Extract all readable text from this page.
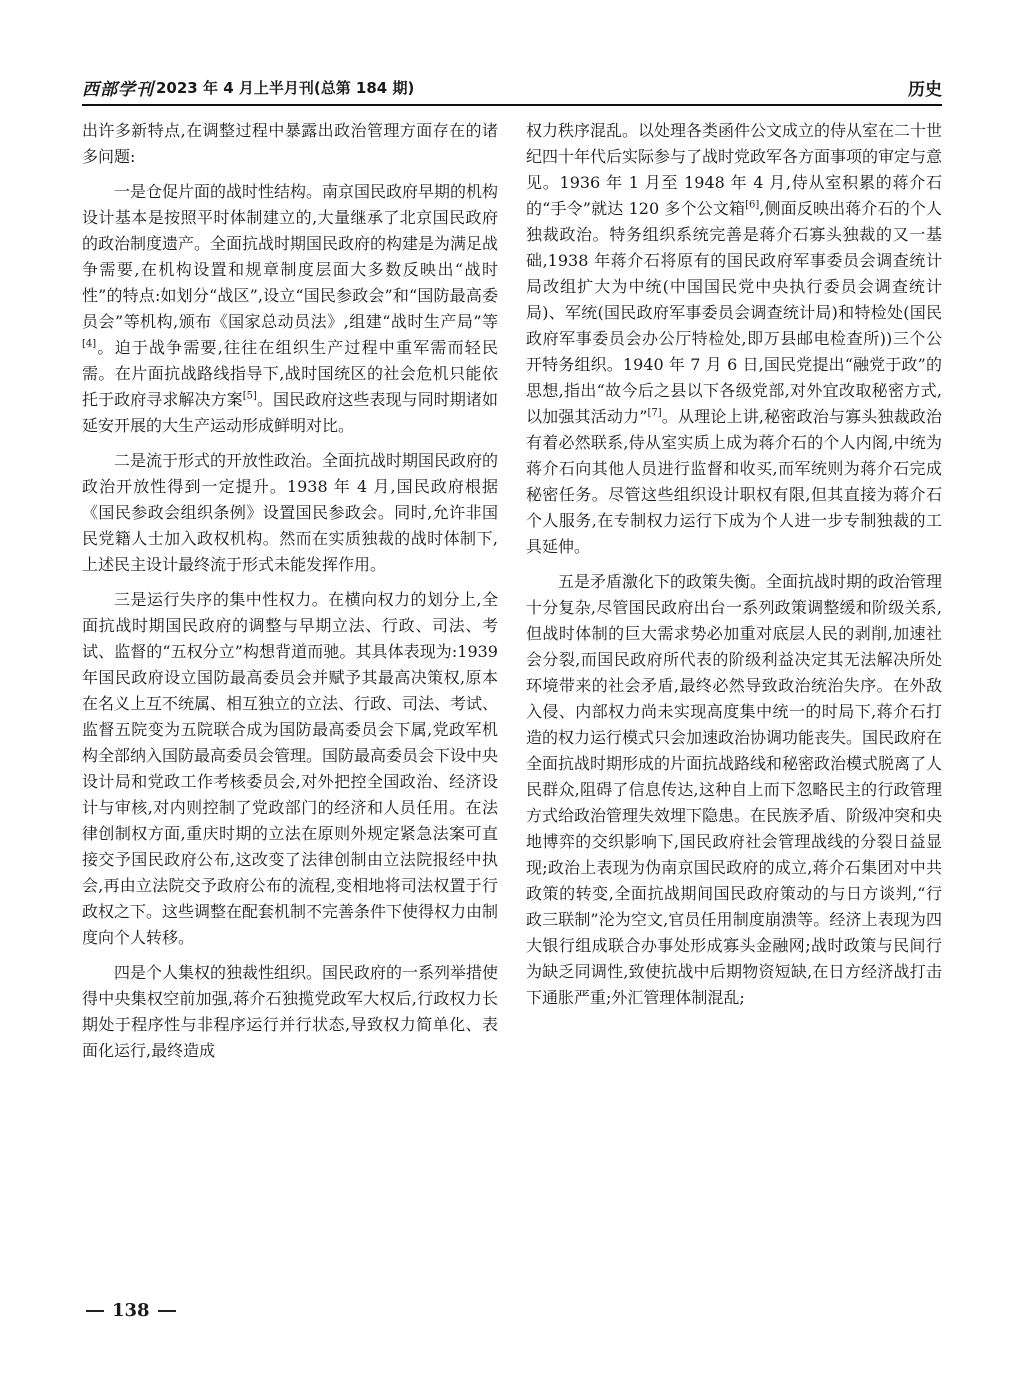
西部学刊 2023 年 4 月上半月刊(总第 184 期)	历史

出许多新特点,在调整过程中暴露出政治管理方面存在的诸多问题:

一是仓促片面的战时性结构。南京国民政府早期的机构设计基本是按照平时体制建立的,大量继承了北京国民政府的政治制度遗产。全面抗战时期国民政府的构建是为满足战争需要,在机构设置和规章制度层面大多数反映出“战时性”的特点:如划分“战区”,设立“国民参政会”和“国防最高委员会”等机构,颁布《国家总动员法》,组建“战时生产局”等[4]。迫于战争需要,往往在组织生产过程中重军需而轻民需。在片面抗战路线指导下,战时国统区的社会危机只能依托于政府寻求解决方案[5]。国民政府这些表现与同时期诸如延安开展的大生产运动形成鲜明对比。

二是流于形式的开放性政治。全面抗战时期国民政府的政治开放性得到一定提升。1938 年 4 月,国民政府根据《国民参政会组织条例》设置国民参政会。同时,允许非国民党籍人士加入政权机构。然而在实质独裁的战时体制下,上述民主设计最终流于形式未能发挥作用。

三是运行失序的集中性权力。在横向权力的划分上,全面抗战时期国民政府的调整与早期立法、行政、司法、考试、监督的“五权分立”构想背道而驰。其具体表现为:1939 年国民政府设立国防最高委员会并赋予其最高决策权,原本在名义上互不统属、相互独立的立法、行政、司法、考试、监督五院变为五院联合成为国防最高委员会下属,党政军机构全部纳入国防最高委员会管理。国防最高委员会下设中央设计局和党政工作考核委员会,对外把控全国政治、经济设计与审核,对内则控制了党政部门的经济和人员任用。在法律创制权方面,重庆时期的立法在原则外规定紧急法案可直接交予国民政府公布,这改变了法律创制由立法院报经中执会,再由立法院交予政府公布的流程,变相地将司法权置于行政权之下。这些调整在配套机制不完善条件下使得权力由制度向个人转移。

四是个人集权的独裁性组织。国民政府的一系列举措使得中央集权空前加强,蒋介石独揽党政军大权后,行政权力长期处于程序性与非程序运行并行状态,导致权力简单化、表面化运行,最终造成

权力秩序混乱。以处理各类函件公文成立的侍从室在二十世纪四十年代后实际参与了战时党政军各方面事项的审定与意见。1936 年 1 月至 1948 年 4 月,侍从室积累的蒋介石的“手令”就达 120 多个公文箱[6],侧面反映出蒋介石的个人独裁政治。特务组织系统完善是蒋介石寡头独裁的又一基础,1938 年蒋介石将原有的国民政府军事委员会调查统计局改组扩大为中统(中国国民党中央执行委员会调查统计局)、军统(国民政府军事委员会调查统计局)和特检处(国民政府军事委员会办公厅特检处,即万县邮电检查所))三个公开特务组织。1940 年 7 月 6 日,国民党提出“融党于政”的思想,指出“故今后之县以下各级党部,对外宜改取秘密方式,以加强其活动力”[7]。从理论上讲,秘密政治与寡头独裁政治有着必然联系,侍从室实质上成为蒋介石的个人内阁,中统为蒋介石向其他人员进行监督和收买,而军统则为蒋介石完成秘密任务。尽管这些组织设计职权有限,但其直接为蒋介石个人服务,在专制权力运行下成为个人进一步专制独裁的工具延伸。

五是矛盾激化下的政策失衡。全面抗战时期的政治管理十分复杂,尽管国民政府出台一系列政策调整缓和阶级关系,但战时体制的巨大需求势必加重对底层人民的剥削,加速社会分裂,而国民政府所代表的阶级利益决定其无法解决所处环境带来的社会矛盾,最终必然导致政治统治失序。在外敌入侵、内部权力尚未实现高度集中统一的时局下,蒋介石打造的权力运行模式只会加速政治协调功能丧失。国民政府在全面抗战时期形成的片面抗战路线和秘密政治模式脱离了人民群众,阻碍了信息传达,这种自上而下忽略民主的行政管理方式给政治管理失效埋下隐患。在民族矛盾、阶级冲突和央地博弈的交织影响下,国民政府社会管理战线的分裂日益显现;政治上表现为伪南京国民政府的成立,蒋介石集团对中共政策的转变,全面抗战期间国民政府策动的与日方谈判,“行政三联制”沦为空文,官员任用制度崩溃等。经济上表现为四大银行组成联合办事处形成寡头金融网;战时政策与民间行为缺乏同调性,致使抗战中后期物资短缺,在日方经济战打击下通胀严重;外汇管理体制混乱;

138
